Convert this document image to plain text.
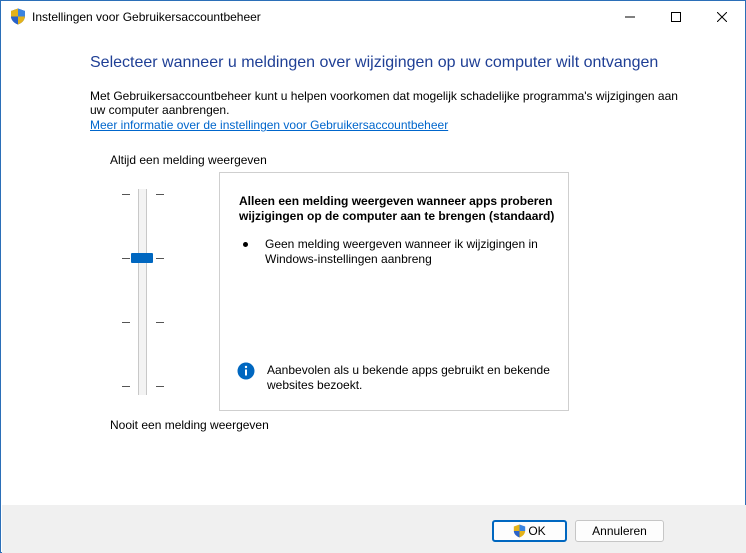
Instellingen voor Gebruikersaccountbeheer
Selecteer wanneer u meldingen over wijzigingen op uw computer wilt ontvangen
Met Gebruikersaccountbeheer kunt u helpen voorkomen dat mogelijk schadelijke programma's wijzigingen aan uw computer aanbrengen.
Meer informatie over de instellingen voor Gebruikersaccountbeheer
Altijd een melding weergeven
Nooit een melding weergeven
Alleen een melding weergeven wanneer apps proberen wijzigingen op de computer aan te brengen (standaard)
Geen melding weergeven wanneer ik wijzigingen in Windows-instellingen aanbreng
Aanbevolen als u bekende apps gebruikt en bekende websites bezoekt.
OK	Annuleren
